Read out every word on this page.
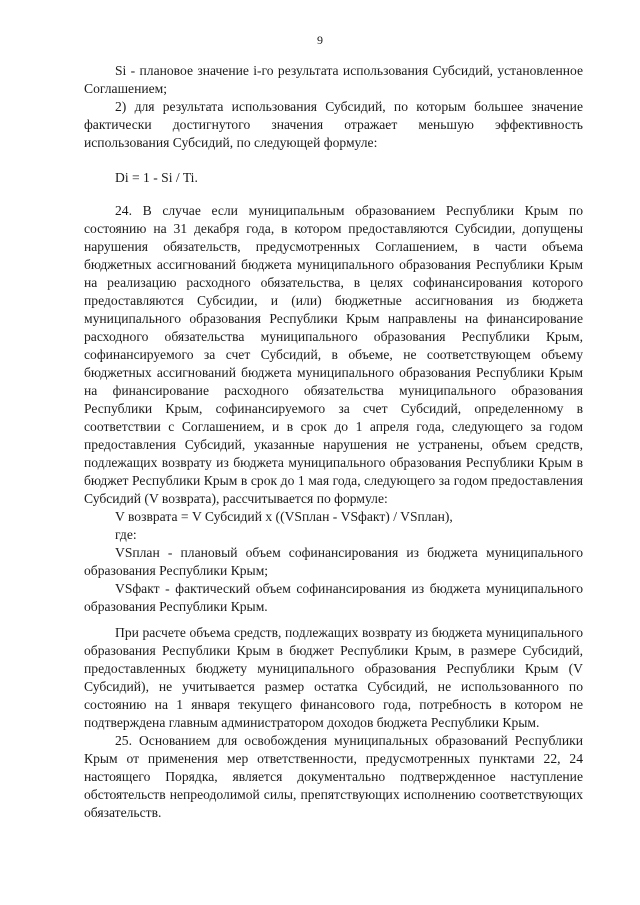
9

Si - плановое значение i-го результата использования Субсидий, установленное Соглашением;

2) для результата использования Субсидий, по которым большее значение фактически достигнутого значения отражает меньшую эффективность использования Субсидий, по следующей формуле:

Di = 1 - Si / Ti.

24. В случае если муниципальным образованием Республики Крым по состоянию на 31 декабря года, в котором предоставляются Субсидии, допущены нарушения обязательств, предусмотренных Соглашением, в части объема бюджетных ассигнований бюджета муниципального образования Республики Крым на реализацию расходного обязательства, в целях софинансирования которого предоставляются Субсидии, и (или) бюджетные ассигнования из бюджета муниципального образования Республики Крым направлены на финансирование расходного обязательства муниципального образования Республики Крым, софинансируемого за счет Субсидий, в объеме, не соответствующем объему бюджетных ассигнований бюджета муниципального образования Республики Крым на финансирование расходного обязательства муниципального образования Республики Крым, софинансируемого за счет Субсидий, определенному в соответствии с Соглашением, и в срок до 1 апреля года, следующего за годом предоставления Субсидий, указанные нарушения не устранены, объем средств, подлежащих возврату из бюджета муниципального образования Республики Крым в бюджет Республики Крым в срок до 1 мая года, следующего за годом предоставления Субсидий (V возврата), рассчитывается по формуле:

V возврата = V Субсидий x ((VSплан - VSфакт) / VSплан),

где:

VSплан - плановый объем софинансирования из бюджета муниципального образования Республики Крым;

VSфакт - фактический объем софинансирования из бюджета муниципального образования Республики Крым.

При расчете объема средств, подлежащих возврату из бюджета муниципального образования Республики Крым в бюджет Республики Крым, в размере Субсидий, предоставленных бюджету муниципального образования Республики Крым (V Субсидий), не учитывается размер остатка Субсидий, не использованного по состоянию на 1 января текущего финансового года, потребность в котором не подтверждена главным администратором доходов бюджета Республики Крым.

25. Основанием для освобождения муниципальных образований Республики Крым от применения мер ответственности, предусмотренных пунктами 22, 24 настоящего Порядка, является документально подтвержденное наступление обстоятельств непреодолимой силы, препятствующих исполнению соответствующих обязательств.
